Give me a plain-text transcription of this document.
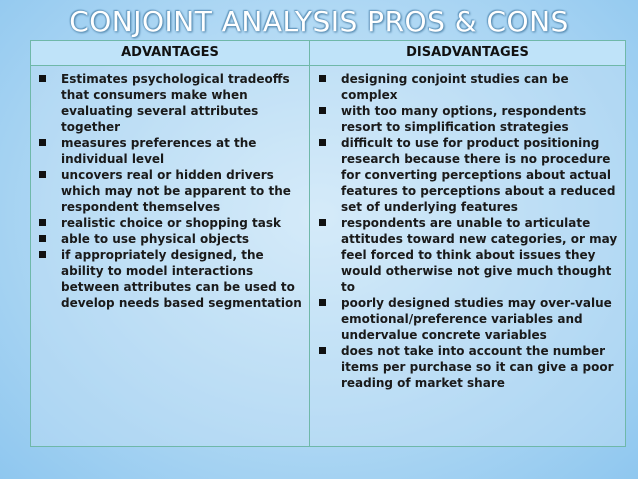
CONJOINT ANALYSIS PROS & CONS
ADVANTAGES	DISADVANTAGES
Estimates psychological tradeoffs that consumers make when evaluating several attributes together
measures preferences at the individual level
uncovers real or hidden drivers which may not be apparent to the respondent themselves
realistic choice or shopping task
able to use physical objects
if appropriately designed, the ability to model interactions between attributes can be used to develop needs based segmentation
designing conjoint studies can be complex
with too many options, respondents resort to simplification strategies
difficult to use for product positioning research because there is no procedure for converting perceptions about actual features to perceptions about a reduced set of underlying features
respondents are unable to articulate attitudes toward new categories, or may feel forced to think about issues they would otherwise not give much thought to
poorly designed studies may over-value emotional/preference variables and undervalue concrete variables
does not take into account the number items per purchase so it can give a poor reading of market share
